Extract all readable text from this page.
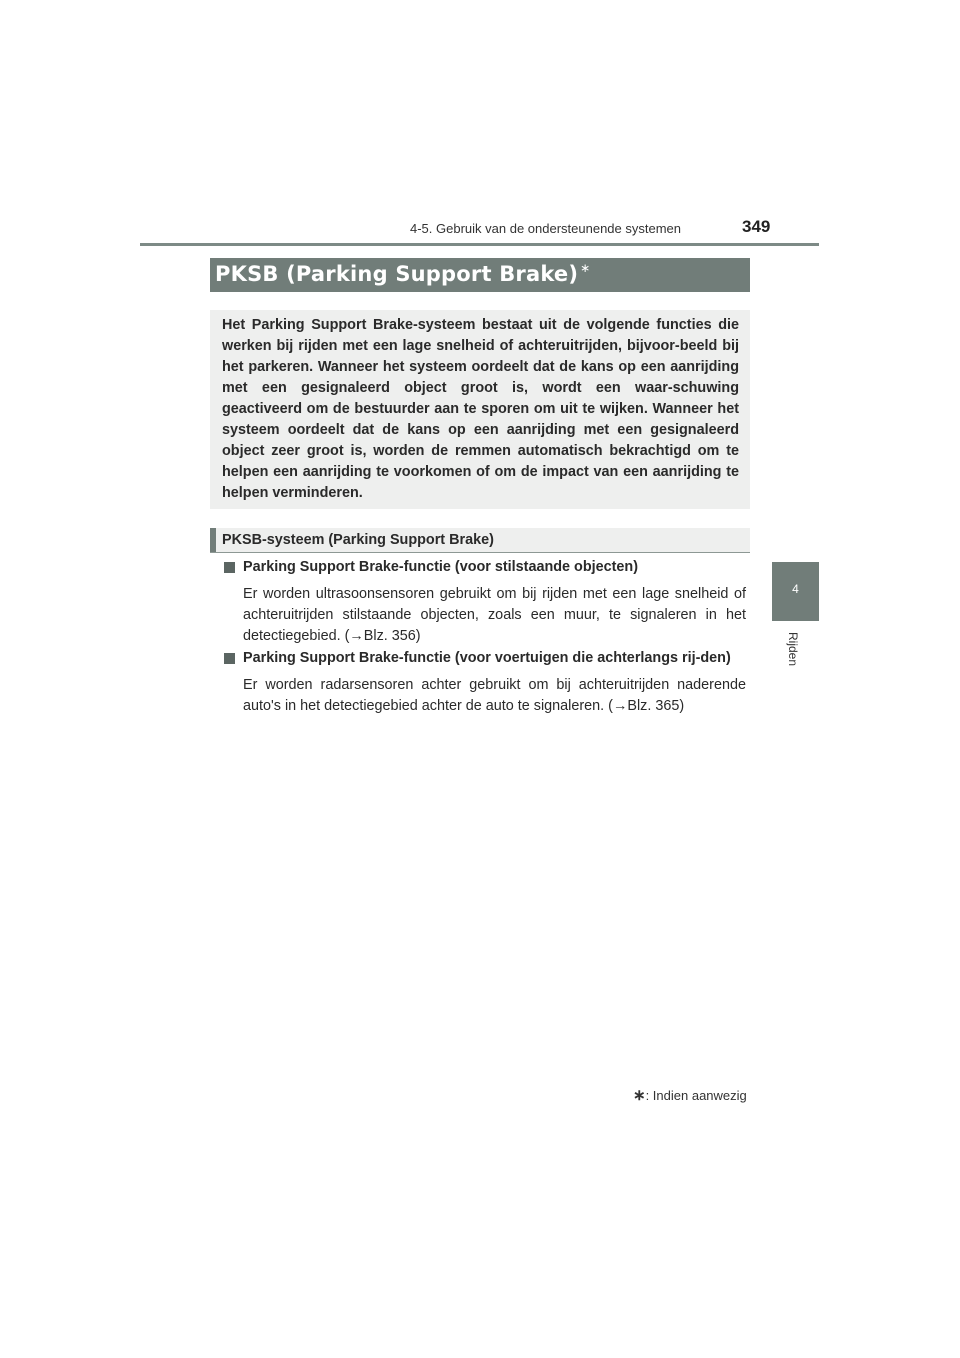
4-5. Gebruik van de ondersteunende systemen	349
4
Rijden
PKSB (Parking Support Brake) ∗
Het Parking Support Brake-systeem bestaat uit de volgende functies die werken bij rijden met een lage snelheid of achteruitrijden, bijvoor-beeld bij het parkeren. Wanneer het systeem oordeelt dat de kans op een aanrijding met een gesignaleerd object groot is, wordt een waar-schuwing geactiveerd om de bestuurder aan te sporen om uit te wijken. Wanneer het systeem oordeelt dat de kans op een aanrijding met een gesignaleerd object zeer groot is, worden de remmen automatisch bekrachtigd om te helpen een aanrijding te voorkomen of om de impact van een aanrijding te helpen verminderen.
PKSB-systeem (Parking Support Brake)
Parking Support Brake-functie (voor stilstaande objecten)
Er worden ultrasoonsensoren gebruikt om bij rijden met een lage snelheid of achteruitrijden stilstaande objecten, zoals een muur, te signaleren in het detectiegebied. (→Blz. 356)
Parking Support Brake-functie (voor voertuigen die achterlangs rij-den)
Er worden radarsensoren achter gebruikt om bij achteruitrijden naderende auto's in het detectiegebied achter de auto te signaleren. (→Blz. 365)
∗: Indien aanwezig
